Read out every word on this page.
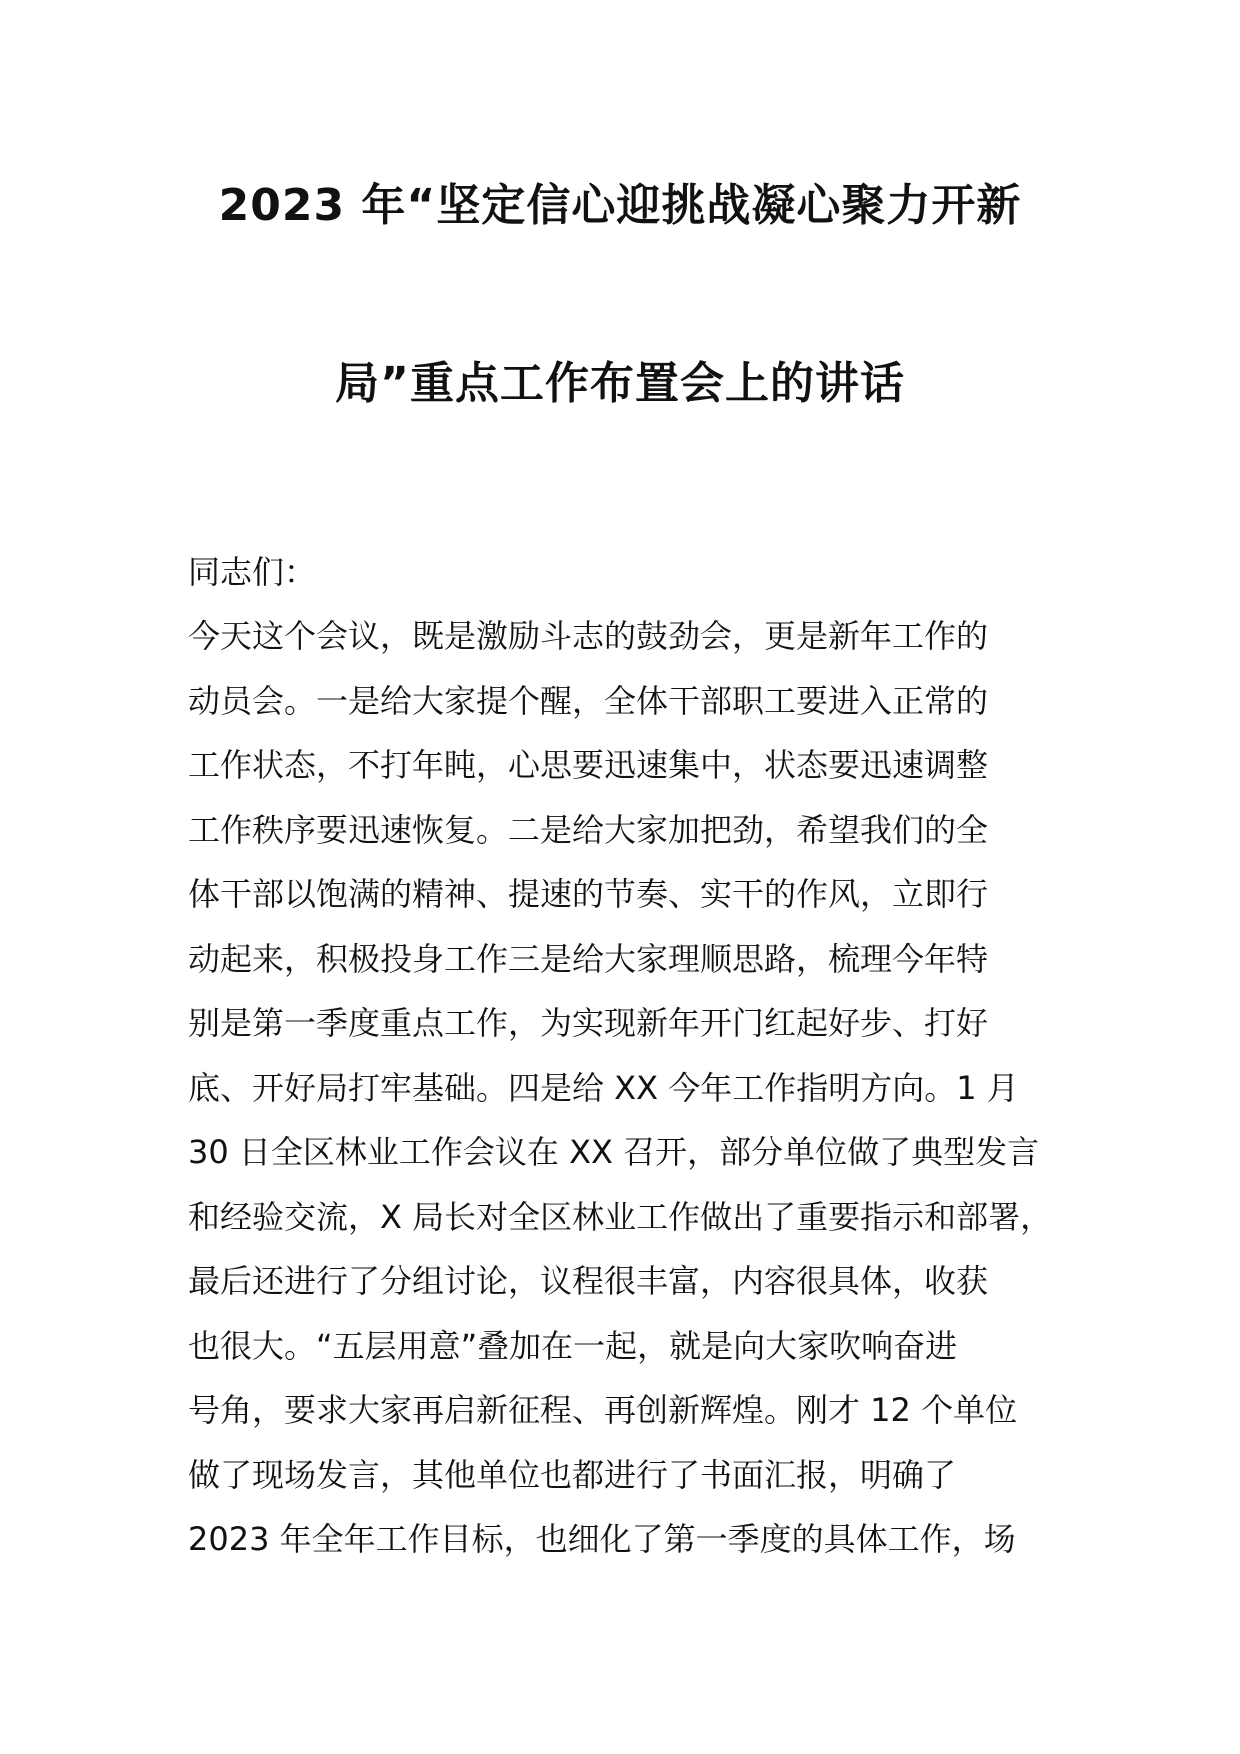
2023 年“坚定信心迎挑战凝心聚力开新
局”重点工作布置会上的讲话
同志们：
今天这个会议，既是激励斗志的鼓劲会，更是新年工作的
动员会。一是给大家提个醒，全体干部职工要进入正常的
工作状态，不打年盹，心思要迅速集中，状态要迅速调整
工作秩序要迅速恢复。二是给大家加把劲，希望我们的全
体干部以饱满的精神、提速的节奏、实干的作风，立即行
动起来，积极投身工作三是给大家理顺思路，梳理今年特
别是第一季度重点工作，为实现新年开门红起好步、打好
底、开好局打牢基础。四是给 XX 今年工作指明方向。1 月
30 日全区林业工作会议在 XX 召开，部分单位做了典型发言
和经验交流，X 局长对全区林业工作做出了重要指示和部署，
最后还进行了分组讨论，议程很丰富，内容很具体，收获
也很大。“五层用意”叠加在一起，就是向大家吹响奋进
号角，要求大家再启新征程、再创新辉煌。刚才 12 个单位
做了现场发言，其他单位也都进行了书面汇报，明确了
2023 年全年工作目标，也细化了第一季度的具体工作，场
